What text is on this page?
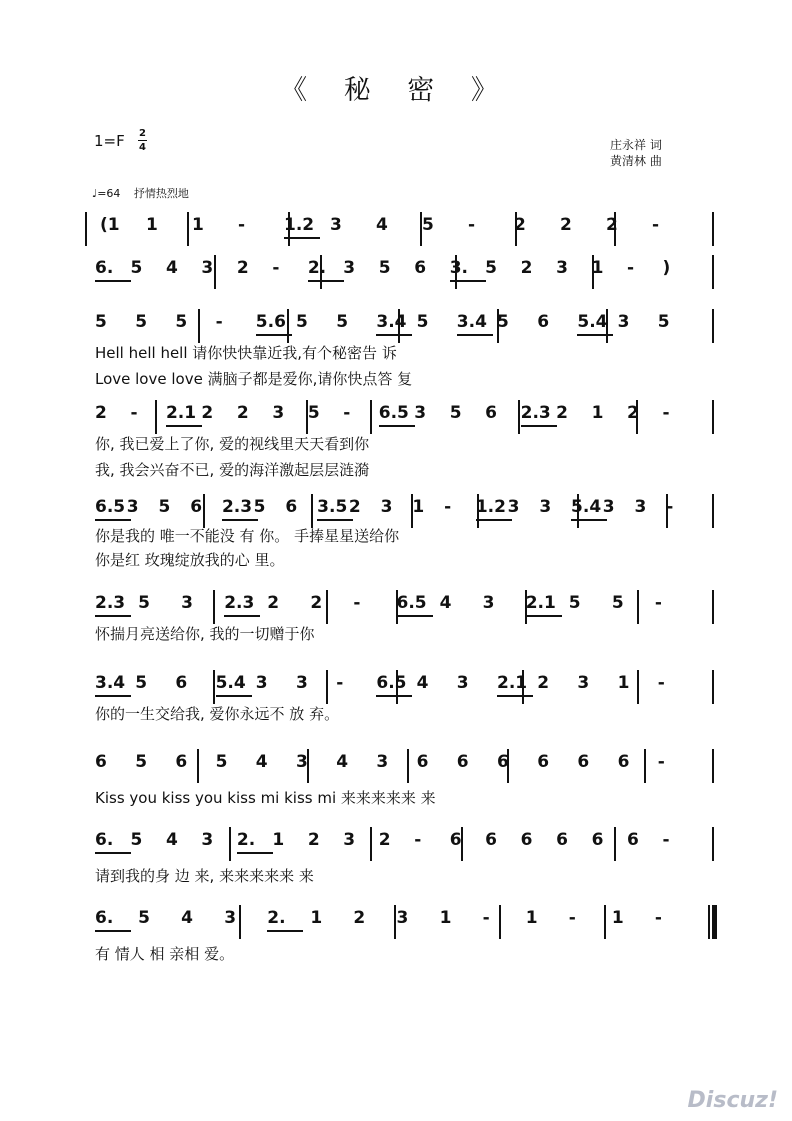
《 秘 密 》
1=F 2
4	庄永祥 词
黄清林 曲
♩=64 抒情热烈地
(1 1 1 - 1.2 3 4 5 - 2 2 2 -
6. 5 4 3 2 - 2. 3 5 6 3. 5 2 3 1 - )
5 5 5 - 5.6 5 5 3.4 5 3.4 5 6 5.4 3 5
Hell hell hell 请你快快靠近我,有个秘密告 诉
Love love love 满脑子都是爱你,请你快点答 复
2 - 2.1 2 2 3 5 - 6.5 3 5 6 2.3 2 1 2 -
你, 我已爱上了你, 爱的视线里天天看到你
我, 我会兴奋不已, 爱的海洋激起层层涟漪
6.5 3 5 6 2.3 5 6 3.5 2 3 1 - 1.2 3 3 5.4 3 3 -
你是我的 唯一不能没 有 你。 手捧星星送给你
你是红 玫瑰绽放我的心 里。
2.3 5 3 2.3 2 2 - 6.5 4 3 2.1 5 5 -
怀揣月亮送给你, 我的一切赠于你
3.4 5 6 5.4 3 3 - 6.5 4 3 2.1 2 3 1 -
你的一生交给我, 爱你永远不 放 弃。
6 5 6 5 4 3 4 3 6 6 6 6 6 6 -
Kiss you kiss you kiss mi kiss mi 来来来来来 来
6. 5 4 3 2. 1 2 3 2 - 6 6 6 6 6 6 -
请到我的身 边 来, 来来来来来 来
6. 5 4 3 2. 1 2 3 1 - 1 - 1 -
有 情人 相 亲相 爱。
Discuz!
